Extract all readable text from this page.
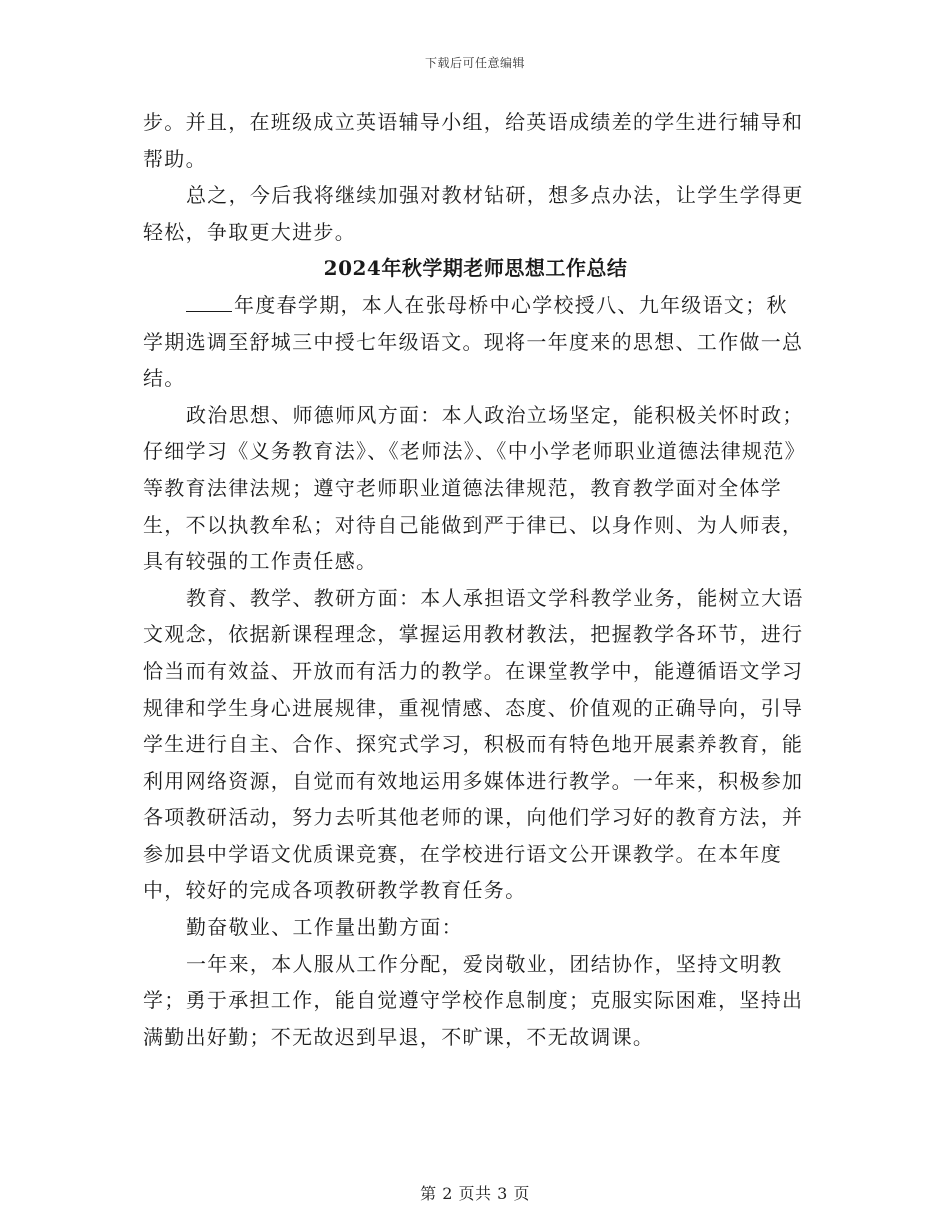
下载后可任意编辑

步。并且，在班级成立英语辅导小组，给英语成绩差的学生进行辅导和帮助。

总之，今后我将继续加强对教材钻研，想多点办法，让学生学得更轻松，争取更大进步。

2024年秋学期老师思想工作总结

年度春学期，本人在张母桥中心学校授八、九年级语文；秋学期选调至舒城三中授七年级语文。现将一年度来的思想、工作做一总结。

政治思想、师德师风方面：本人政治立场坚定，能积极关怀时政；仔细学习《义务教育法》、《老师法》、《中小学老师职业道德法律规范》等教育法律法规；遵守老师职业道德法律规范，教育教学面对全体学生，不以执教牟私；对待自己能做到严于律已、以身作则、为人师表，具有较强的工作责任感。

教育、教学、教研方面：本人承担语文学科教学业务，能树立大语文观念，依据新课程理念，掌握运用教材教法，把握教学各环节，进行恰当而有效益、开放而有活力的教学。在课堂教学中，能遵循语文学习规律和学生身心进展规律，重视情感、态度、价值观的正确导向，引导学生进行自主、合作、探究式学习，积极而有特色地开展素养教育，能利用网络资源，自觉而有效地运用多媒体进行教学。一年来，积极参加各项教研活动，努力去听其他老师的课，向他们学习好的教育方法，并参加县中学语文优质课竞赛，在学校进行语文公开课教学。在本年度中，较好的完成各项教研教学教育任务。

勤奋敬业、工作量出勤方面：

一年来，本人服从工作分配，爱岗敬业，团结协作，坚持文明教学；勇于承担工作，能自觉遵守学校作息制度；克服实际困难，坚持出满勤出好勤；不无故迟到早退，不旷课，不无故调课。

第 2 页共 3 页
